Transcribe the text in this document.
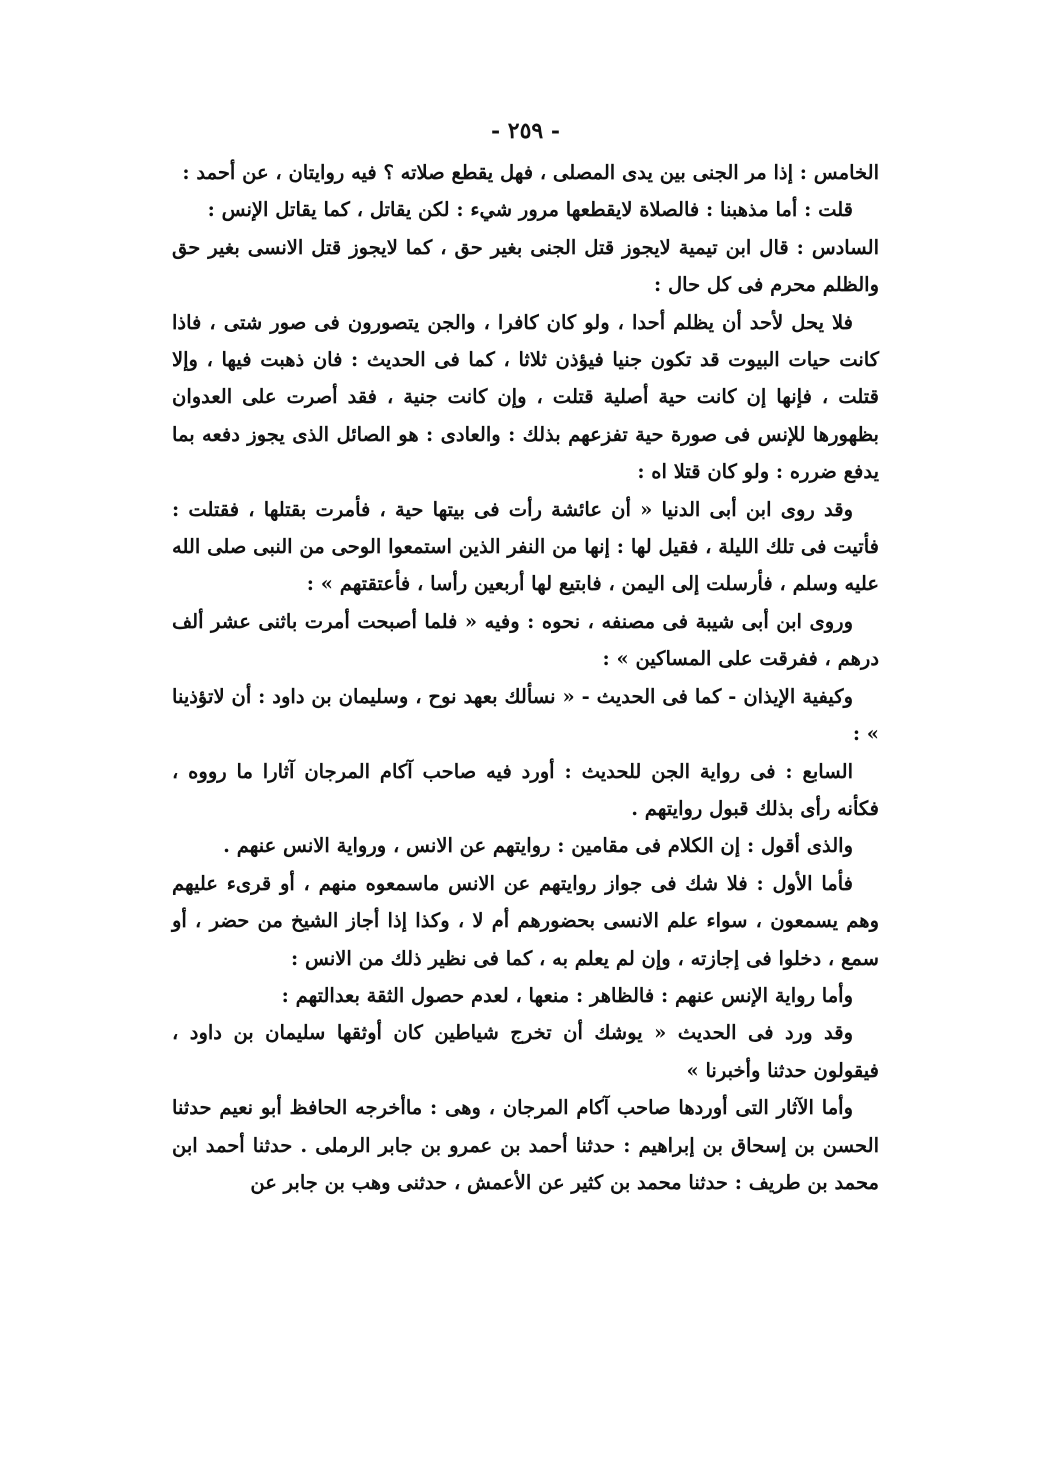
- ٢٥٩ -

الخامس : إذا مر الجنى بين يدى المصلى ، فهل يقطع صلاته ؟ فيه روايتان ، عن أحمد :

قلت : أما مذهبنا : فالصلاة لايقطعها مرور شيء : لكن يقاتل ، كما يقاتل الإنس :

السادس : قال ابن تيمية لايجوز قتل الجنى بغير حق ، كما لايجوز قتل الانسى بغير حق والظلم محرم فى كل حال :

فلا يحل لأحد أن يظلم أحدا ، ولو كان كافرا ، والجن يتصورون فى صور شتى ، فاذا كانت حيات البيوت قد تكون جنيا فيؤذن ثلاثا ، كما فى الحديث : فان ذهبت فيها ، وإلا قتلت ، فإنها إن كانت حية أصلية قتلت ، وإن كانت جنية ، فقد أصرت على العدوان بظهورها للإنس فى صورة حية تفزعهم بذلك : والعادى : هو الصائل الذى يجوز دفعه بما يدفع ضرره : ولو كان قتلا اه :

وقد روى ابن أبى الدنيا « أن عائشة رأت فى بيتها حية ، فأمرت بقتلها ، فقتلت : فأتيت فى تلك الليلة ، فقيل لها : إنها من النفر الذين استمعوا الوحى من النبى صلى الله عليه وسلم ، فأرسلت إلى اليمن ، فابتيع لها أربعين رأسا ، فأعتقتهم » :

وروى ابن أبى شيبة فى مصنفه ، نحوه : وفيه « فلما أصبحت أمرت باثنى عشر ألف درهم ، ففرقت على المساكين » :

وكيفية الإيذان - كما فى الحديث - « نسألك بعهد نوح ، وسليمان بن داود : أن لاتؤذينا » :

السابع : فى رواية الجن للحديث : أورد فيه صاحب آكام المرجان آثارا ما رووه ، فكأنه رأى بذلك قبول روايتهم .

والذى أقول : إن الكلام فى مقامين : روايتهم عن الانس ، ورواية الانس عنهم .

فأما الأول : فلا شك فى جواز روايتهم عن الانس ماسمعوه منهم ، أو قرىء عليهم وهم يسمعون ، سواء علم الانسى بحضورهم أم لا ، وكذا إذا أجاز الشيخ من حضر ، أو سمع ، دخلوا فى إجازته ، وإن لم يعلم به ، كما فى نظير ذلك من الانس :

وأما رواية الإنس عنهم : فالظاهر : منعها ، لعدم حصول الثقة بعدالتهم :

وقد ورد فى الحديث « يوشك أن تخرج شياطين كان أوثقها سليمان بن داود ، فيقولون حدثنا وأخبرنا »

وأما الآثار التى أوردها صاحب آكام المرجان ، وهى : ماأخرجه الحافظ أبو نعيم حدثنا الحسن بن إسحاق بن إبراهيم : حدثنا أحمد بن عمرو بن جابر الرملى . حدثنا أحمد ابن محمد بن طريف : حدثنا محمد بن كثير عن الأعمش ، حدثنى وهب بن جابر عن
